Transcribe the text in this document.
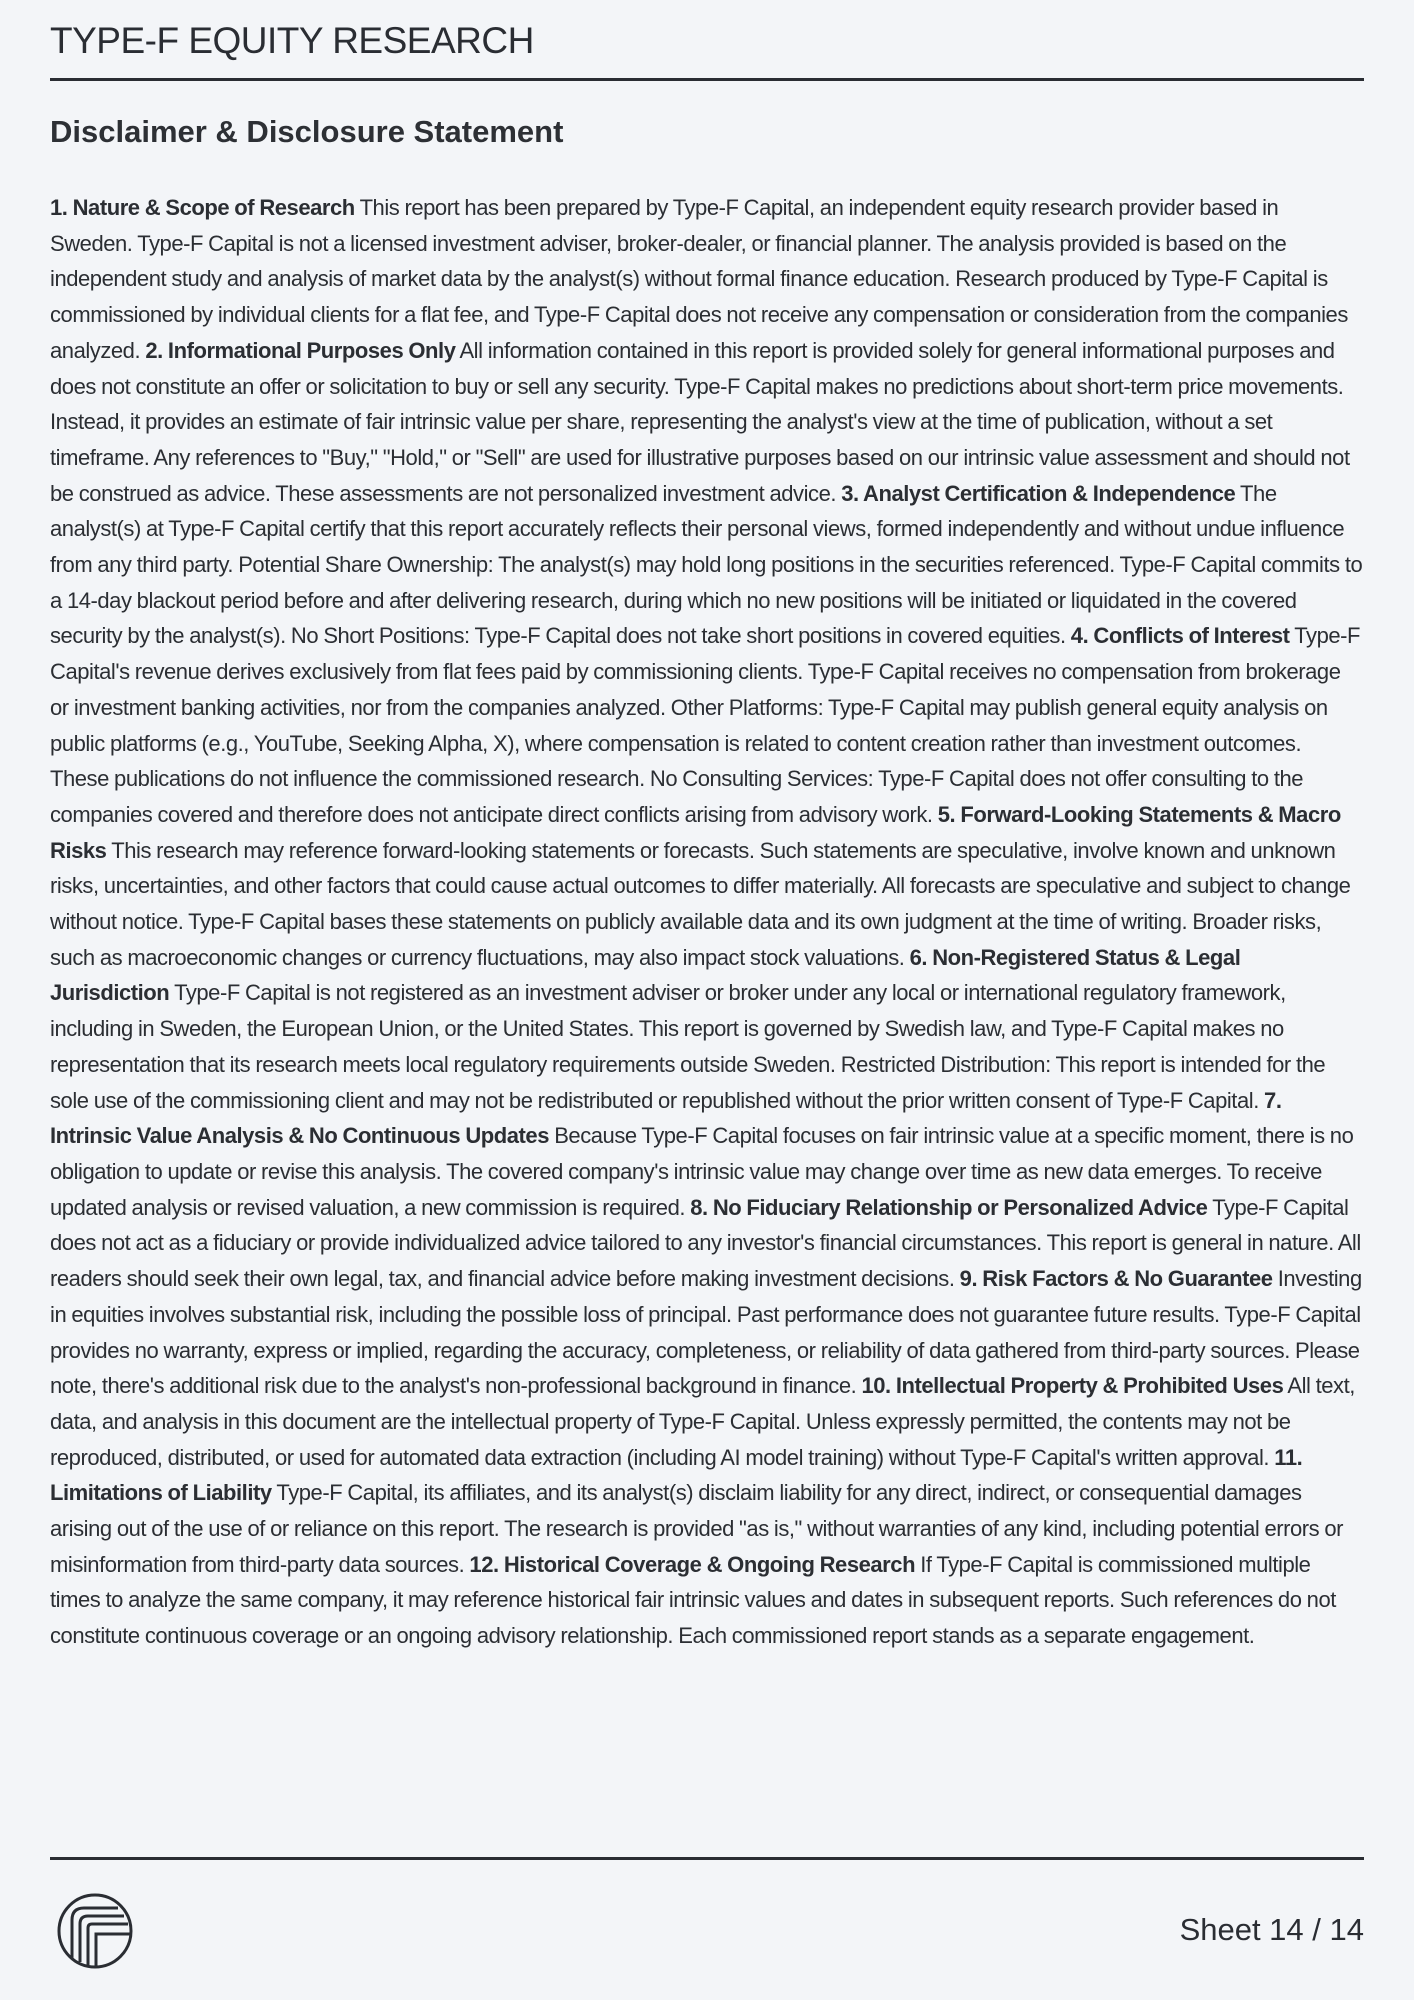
TYPE-F EQUITY RESEARCH
Disclaimer & Disclosure Statement
1. Nature & Scope of Research This report has been prepared by Type-F Capital, an independent equity research provider based in Sweden. Type-F Capital is not a licensed investment adviser, broker-dealer, or financial planner. The analysis provided is based on the independent study and analysis of market data by the analyst(s) without formal finance education. Research produced by Type-F Capital is commissioned by individual clients for a flat fee, and Type-F Capital does not receive any compensation or consideration from the companies analyzed. 2. Informational Purposes Only All information contained in this report is provided solely for general informational purposes and does not constitute an offer or solicitation to buy or sell any security. Type-F Capital makes no predictions about short-term price movements. Instead, it provides an estimate of fair intrinsic value per share, representing the analyst's view at the time of publication, without a set timeframe. Any references to "Buy," "Hold," or "Sell" are used for illustrative purposes based on our intrinsic value assessment and should not be construed as advice. These assessments are not personalized investment advice. 3. Analyst Certification & Independence The analyst(s) at Type-F Capital certify that this report accurately reflects their personal views, formed independently and without undue influence from any third party. Potential Share Ownership: The analyst(s) may hold long positions in the securities referenced. Type-F Capital commits to a 14-day blackout period before and after delivering research, during which no new positions will be initiated or liquidated in the covered security by the analyst(s). No Short Positions: Type-F Capital does not take short positions in covered equities. 4. Conflicts of Interest Type-F Capital's revenue derives exclusively from flat fees paid by commissioning clients. Type-F Capital receives no compensation from brokerage or investment banking activities, nor from the companies analyzed. Other Platforms: Type-F Capital may publish general equity analysis on public platforms (e.g., YouTube, Seeking Alpha, X), where compensation is related to content creation rather than investment outcomes. These publications do not influence the commissioned research. No Consulting Services: Type-F Capital does not offer consulting to the companies covered and therefore does not anticipate direct conflicts arising from advisory work. 5. Forward-Looking Statements & Macro Risks This research may reference forward-looking statements or forecasts. Such statements are speculative, involve known and unknown risks, uncertainties, and other factors that could cause actual outcomes to differ materially. All forecasts are speculative and subject to change without notice. Type-F Capital bases these statements on publicly available data and its own judgment at the time of writing. Broader risks, such as macroeconomic changes or currency fluctuations, may also impact stock valuations. 6. Non-Registered Status & Legal Jurisdiction Type-F Capital is not registered as an investment adviser or broker under any local or international regulatory framework, including in Sweden, the European Union, or the United States. This report is governed by Swedish law, and Type-F Capital makes no representation that its research meets local regulatory requirements outside Sweden. Restricted Distribution: This report is intended for the sole use of the commissioning client and may not be redistributed or republished without the prior written consent of Type-F Capital. 7. Intrinsic Value Analysis & No Continuous Updates Because Type-F Capital focuses on fair intrinsic value at a specific moment, there is no obligation to update or revise this analysis. The covered company's intrinsic value may change over time as new data emerges. To receive updated analysis or revised valuation, a new commission is required. 8. No Fiduciary Relationship or Personalized Advice Type-F Capital does not act as a fiduciary or provide individualized advice tailored to any investor's financial circumstances. This report is general in nature. All readers should seek their own legal, tax, and financial advice before making investment decisions. 9. Risk Factors & No Guarantee Investing in equities involves substantial risk, including the possible loss of principal. Past performance does not guarantee future results. Type-F Capital provides no warranty, express or implied, regarding the accuracy, completeness, or reliability of data gathered from third-party sources. Please note, there's additional risk due to the analyst's non-professional background in finance. 10. Intellectual Property & Prohibited Uses All text, data, and analysis in this document are the intellectual property of Type-F Capital. Unless expressly permitted, the contents may not be reproduced, distributed, or used for automated data extraction (including AI model training) without Type-F Capital's written approval. 11. Limitations of Liability Type-F Capital, its affiliates, and its analyst(s) disclaim liability for any direct, indirect, or consequential damages arising out of the use of or reliance on this report. The research is provided "as is," without warranties of any kind, including potential errors or misinformation from third-party data sources. 12. Historical Coverage & Ongoing Research If Type-F Capital is commissioned multiple times to analyze the same company, it may reference historical fair intrinsic values and dates in subsequent reports. Such references do not constitute continuous coverage or an ongoing advisory relationship. Each commissioned report stands as a separate engagement.
Sheet 14 / 14
